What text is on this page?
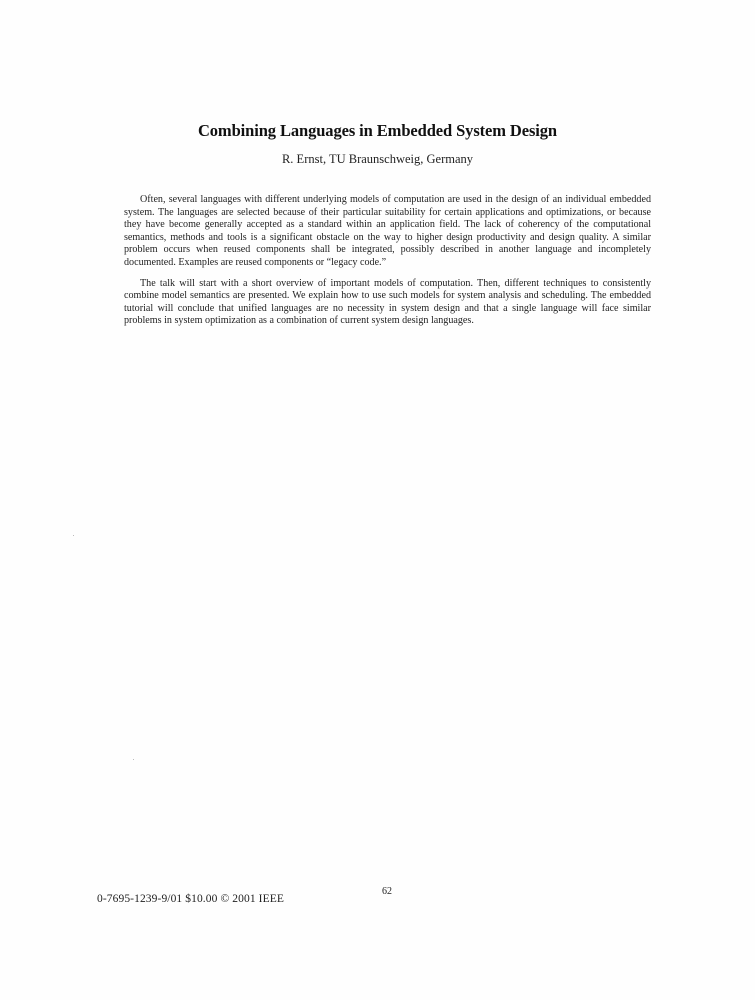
Combining Languages in Embedded System Design
R. Ernst, TU Braunschweig, Germany

Often, several languages with different underlying models of computation are used in the design of an individual embedded system. The languages are selected because of their particular suitability for certain applications and optimizations, or because they have become generally accepted as a standard within an application field. The lack of coherency of the computational semantics, methods and tools is a significant obstacle on the way to higher design productivity and design quality. A similar problem occurs when reused components shall be integrated, possibly described in another language and incompletely documented. Examples are reused components or “legacy code.”

The talk will start with a short overview of important models of computation. Then, different techniques to consistently combine model semantics are presented. We explain how to use such models for system analysis and scheduling. The embedded tutorial will conclude that unified languages are no necessity in system design and that a single language will face similar problems in system optimization as a combination of current system design languages.

62
0-7695-1239-9/01 $10.00 © 2001 IEEE
